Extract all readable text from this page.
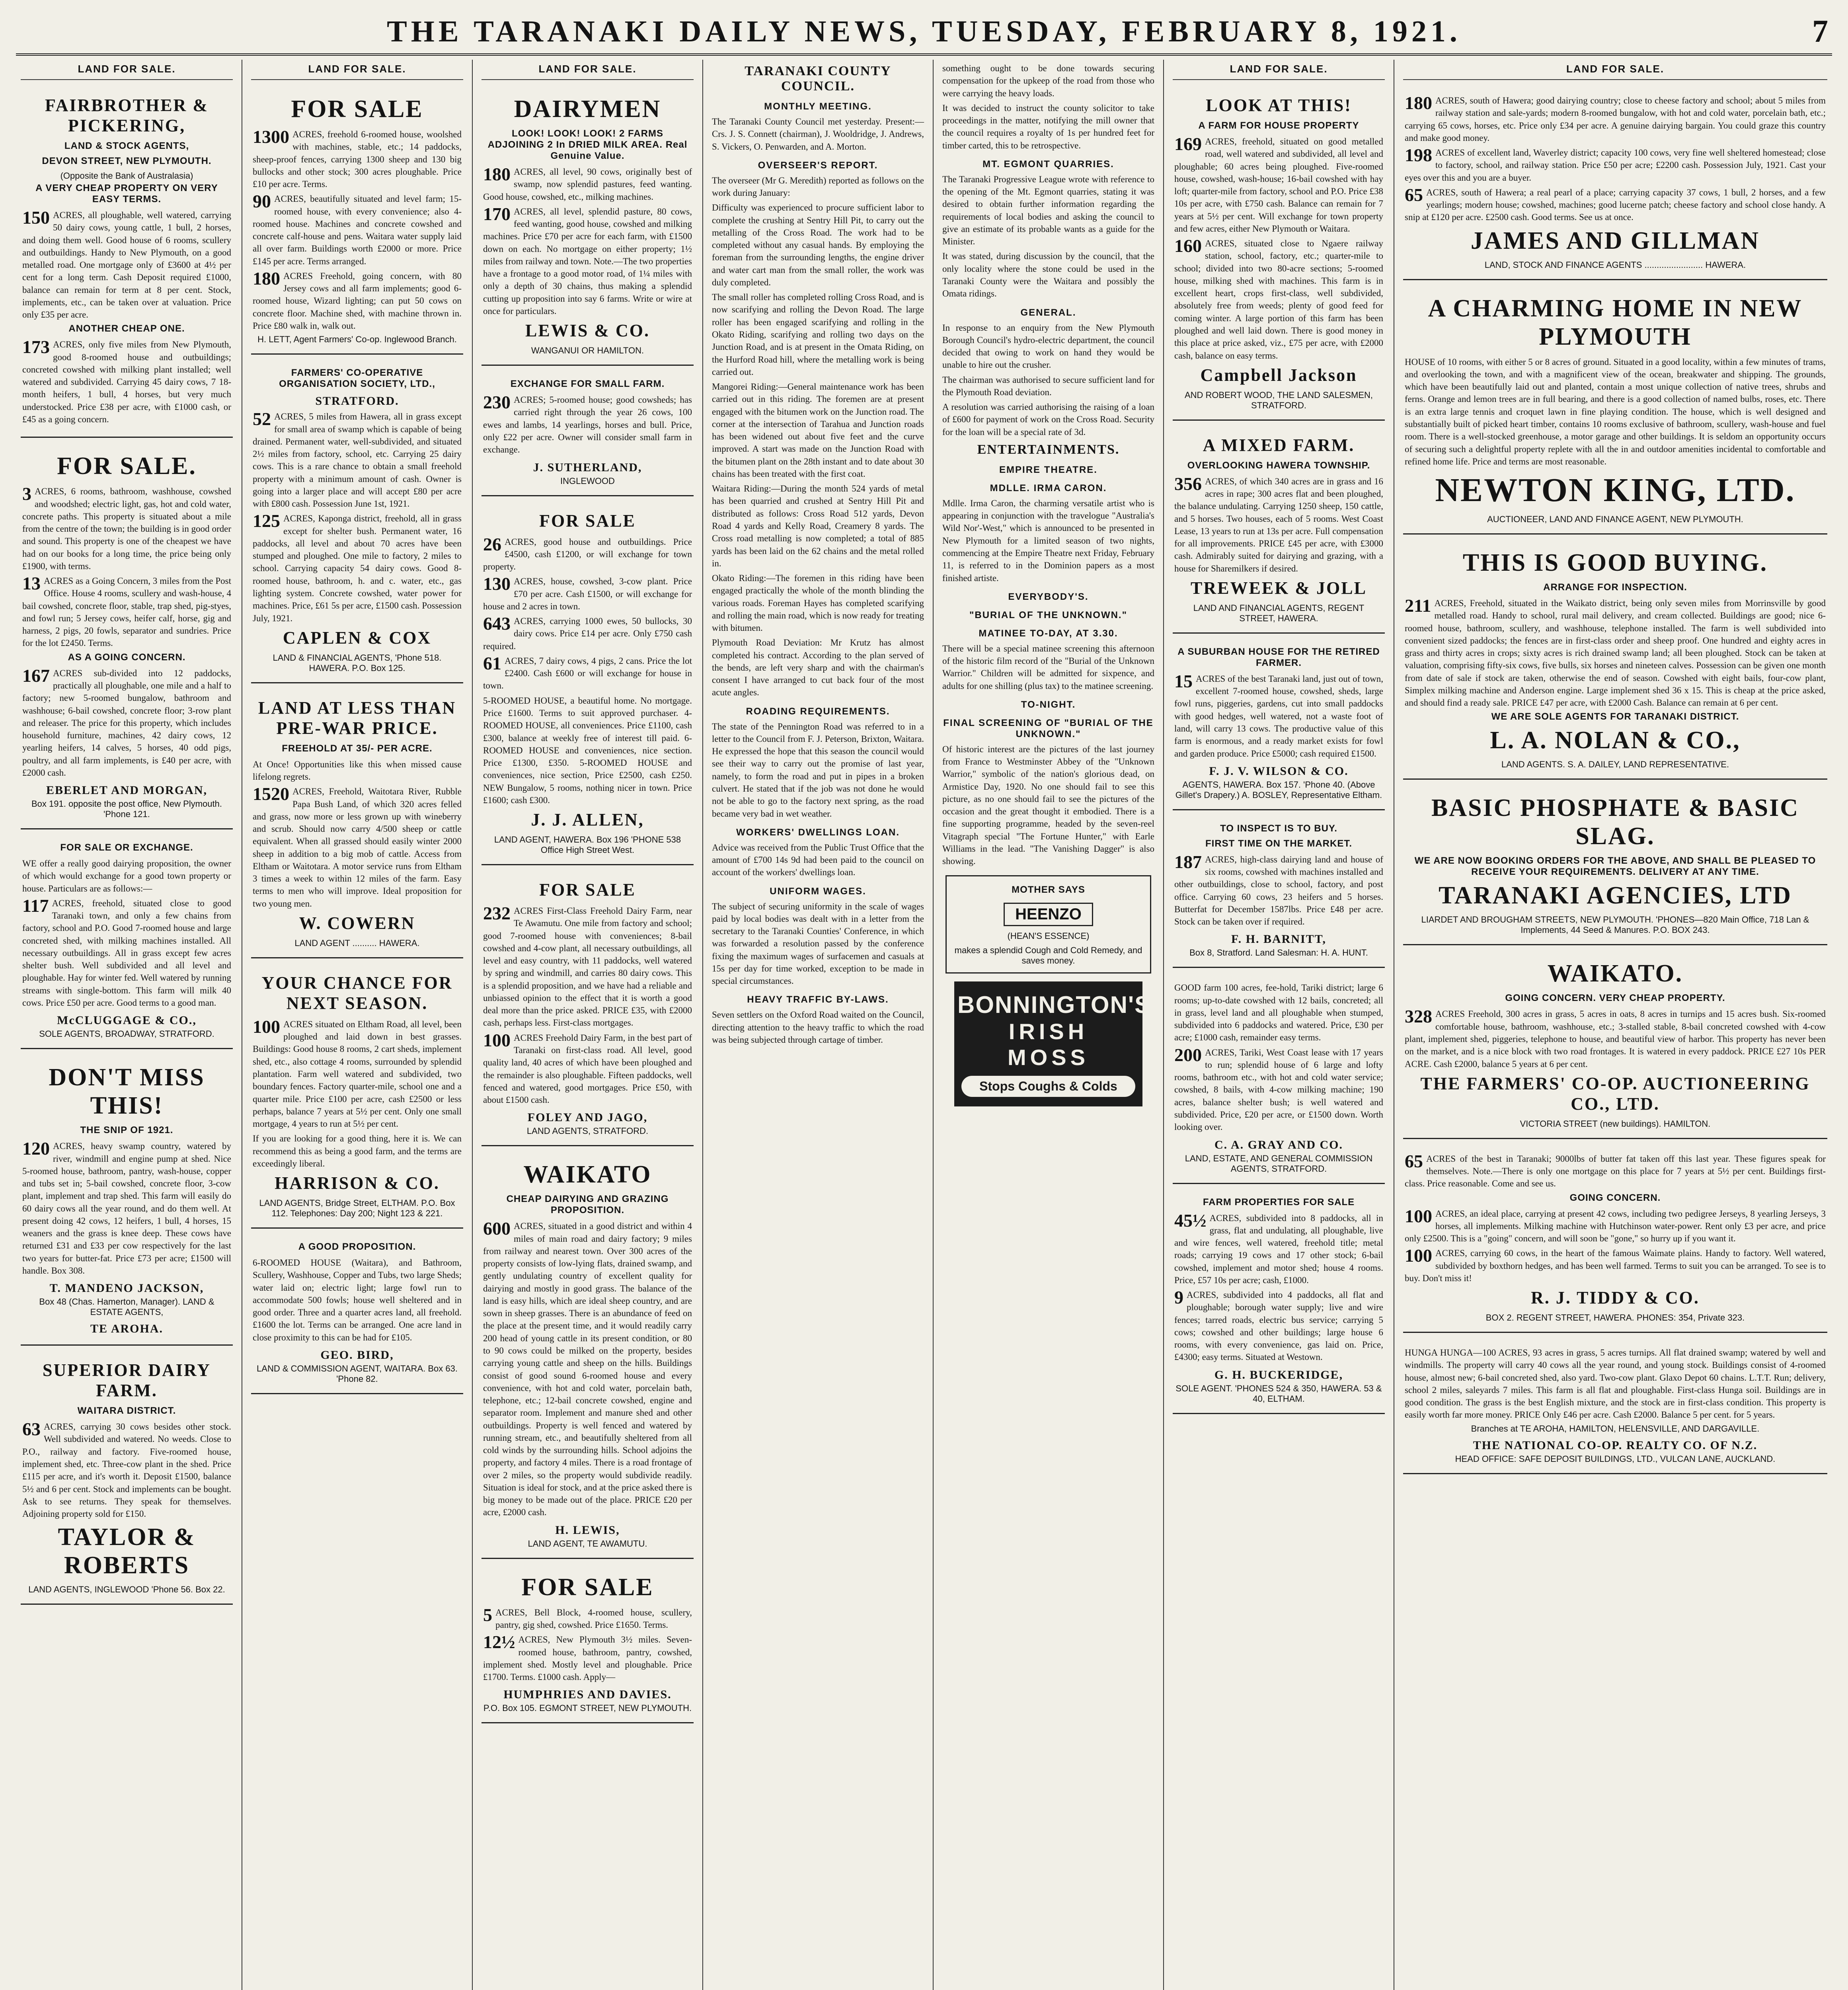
THE TARANAKI DAILY NEWS, TUESDAY, FEBRUARY 8, 1921.	7
LAND FOR SALE.
FAIRBROTHER & PICKERING,
LAND & STOCK AGENTS,
DEVON STREET, NEW PLYMOUTH.
(Opposite the Bank of Australasia)
A VERY CHEAP PROPERTY ON VERY EASY TERMS.
150 ACRES, all ploughable, well watered, carrying 50 dairy cows, young cattle, 1 bull, 2 horses, and doing them well. Good house of 6 rooms, scullery and outbuildings. Handy to New Plymouth, on a good metalled road. One mortgage only of £3600 at 4½ per cent for a long term. Cash Deposit required £1000, balance can remain for term at 8 per cent. Stock, implements, etc., can be taken over at valuation. Price only £35 per acre.
ANOTHER CHEAP ONE.
173 ACRES, only five miles from New Plymouth, good 8-roomed house and outbuildings; concreted cowshed with milking plant installed; well watered and subdivided. Carrying 45 dairy cows, 7 18-month heifers, 1 bull, 4 horses, but very much understocked. Price £38 per acre, with £1000 cash, or £45 as a going concern.
FOR SALE.
3 ACRES, 6 rooms, bathroom, washhouse, cowshed and woodshed; electric light, gas, hot and cold water, concrete paths. This property is situated about a mile from the centre of the town; the building is in good order and sound. This property is one of the cheapest we have had on our books for a long time, the price being only £1900, with terms.
13 ACRES as a Going Concern, 3 miles from the Post Office. House 4 rooms, scullery and wash-house, 4 bail cowshed, concrete floor, stable, trap shed, pig-styes, and fowl run; 5 Jersey cows, heifer calf, horse, gig and harness, 2 pigs, 20 fowls, separator and sundries. Price for the lot £2450. Terms.
AS A GOING CONCERN.
167 ACRES sub-divided into 12 paddocks, practically all ploughable, one mile and a half to factory; new 5-roomed bungalow, bathroom and washhouse; 6-bail cowshed, concrete floor; 3-row plant and releaser. The price for this property, which includes household furniture, machines, 42 dairy cows, 12 yearling heifers, 14 calves, 5 horses, 40 odd pigs, poultry, and all farm implements, is £40 per acre, with £2000 cash.
EBERLET AND MORGAN,
Box 191. opposite the post office, New Plymouth. 'Phone 121.
FOR SALE OR EXCHANGE.
WE offer a really good dairying proposition, the owner of which would exchange for a good town property or house. Particulars are as follows:—
117 ACRES, freehold, situated close to good Taranaki town, and only a few chains from factory, school and P.O. Good 7-roomed house and large concreted shed, with milking machines installed. All necessary outbuildings. All in grass except few acres shelter bush. Well subdivided and all level and ploughable. Hay for winter fed. Well watered by running streams with single-bottom. This farm will milk 40 cows. Price £50 per acre. Good terms to a good man.
McCLUGGAGE & CO.,
SOLE AGENTS, BROADWAY, STRATFORD.
DON'T MISS THIS!
THE SNIP OF 1921.
120 ACRES, heavy swamp country, watered by river, windmill and engine pump at shed. Nice 5-roomed house, bathroom, pantry, wash-house, copper and tubs set in; 5-bail cowshed, concrete floor, 3-cow plant, implement and trap shed. This farm will easily do 60 dairy cows all the year round, and do them well. At present doing 42 cows, 12 heifers, 1 bull, 4 horses, 15 weaners and the grass is knee deep. These cows have returned £31 and £33 per cow respectively for the last two years for butter-fat. Price £73 per acre; £1500 will handle. Box 308.
T. MANDENO JACKSON,
Box 48 (Chas. Hamerton, Manager). LAND & ESTATE AGENTS,
TE AROHA.
SUPERIOR DAIRY FARM.
WAITARA DISTRICT.
63 ACRES, carrying 30 cows besides other stock. Well subdivided and watered. No weeds. Close to P.O., railway and factory. Five-roomed house, implement shed, etc. Three-cow plant in the shed. Price £115 per acre, and it's worth it. Deposit £1500, balance 5½ and 6 per cent. Stock and implements can be bought. Ask to see returns. They speak for themselves. Adjoining property sold for £150.
TAYLOR & ROBERTS
LAND AGENTS, INGLEWOOD 'Phone 56. Box 22.
LAND FOR SALE.
FOR SALE
1300 ACRES, freehold 6-roomed house, woolshed with machines, stable, etc.; 14 paddocks, sheep-proof fences, carrying 1300 sheep and 130 big bullocks and other stock; 300 acres ploughable. Price £10 per acre. Terms.
90 ACRES, beautifully situated and level farm; 15-roomed house, with every convenience; also 4-roomed house. Machines and concrete cowshed and concrete calf-house and pens. Waitara water supply laid all over farm. Buildings worth £2000 or more. Price £145 per acre. Terms arranged.
180 ACRES Freehold, going concern, with 80 Jersey cows and all farm implements; good 6-roomed house, Wizard lighting; can put 50 cows on concrete floor. Machine shed, with machine thrown in. Price £80 walk in, walk out.
H. LETT, Agent Farmers' Co-op. Inglewood Branch.
FARMERS' CO-OPERATIVE ORGANISATION SOCIETY, LTD.,
STRATFORD.
52 ACRES, 5 miles from Hawera, all in grass except for small area of swamp which is capable of being drained. Permanent water, well-subdivided, and situated 2½ miles from factory, school, etc. Carrying 25 dairy cows. This is a rare chance to obtain a small freehold property with a minimum amount of cash. Owner is going into a larger place and will accept £80 per acre with £800 cash. Possession June 1st, 1921.
125 ACRES, Kaponga district, freehold, all in grass except for shelter bush. Permanent water, 16 paddocks, all level and about 70 acres have been stumped and ploughed. One mile to factory, 2 miles to school. Carrying capacity 54 dairy cows. Good 8-roomed house, bathroom, h. and c. water, etc., gas lighting system. Concrete cowshed, water power for machines. Price, £61 5s per acre, £1500 cash. Possession July, 1921.
CAPLEN & COX
LAND & FINANCIAL AGENTS, 'Phone 518. HAWERA. P.O. Box 125.
LAND AT LESS THAN PRE-WAR PRICE.
FREEHOLD AT 35/- PER ACRE.
At Once! Opportunities like this when missed cause lifelong regrets.
1520 ACRES, Freehold, Waitotara River, Rubble Papa Bush Land, of which 320 acres felled and grass, now more or less grown up with wineberry and scrub. Should now carry 4/500 sheep or cattle equivalent. When all grassed should easily winter 2000 sheep in addition to a big mob of cattle. Access from Eltham or Waitotara. A motor service runs from Eltham 3 times a week to within 12 miles of the farm. Easy terms to men who will improve. Ideal proposition for two young men.
W. COWERN
LAND AGENT .......... HAWERA.
YOUR CHANCE FOR NEXT SEASON.
100 ACRES situated on Eltham Road, all level, been ploughed and laid down in best grasses. Buildings: Good house 8 rooms, 2 cart sheds, implement shed, etc., also cottage 4 rooms, surrounded by splendid plantation. Farm well watered and subdivided, two boundary fences. Factory quarter-mile, school one and a quarter mile. Price £100 per acre, cash £2500 or less perhaps, balance 7 years at 5½ per cent. Only one small mortgage, 4 years to run at 5½ per cent.
If you are looking for a good thing, here it is. We can recommend this as being a good farm, and the terms are exceedingly liberal.
HARRISON & CO.
LAND AGENTS, Bridge Street, ELTHAM. P.O. Box 112. Telephones: Day 200; Night 123 & 221.
A GOOD PROPOSITION.
6-ROOMED HOUSE (Waitara), and Bathroom, Scullery, Washhouse, Copper and Tubs, two large Sheds; water laid on; electric light; large fowl run to accommodate 500 fowls; house well sheltered and in good order. Three and a quarter acres land, all freehold. £1600 the lot. Terms can be arranged. One acre land in close proximity to this can be had for £105.
GEO. BIRD,
LAND & COMMISSION AGENT, WAITARA. Box 63. 'Phone 82.
LAND FOR SALE.
DAIRYMEN
LOOK! LOOK! LOOK! 2 FARMS ADJOINING 2 In DRIED MILK AREA. Real Genuine Value.
180 ACRES, all level, 90 cows, originally best of swamp, now splendid pastures, feed wanting. Good house, cowshed, etc., milking machines.
170 ACRES, all level, splendid pasture, 80 cows, feed wanting, good house, cowshed and milking machines. Price £70 per acre for each farm, with £1500 down on each. No mortgage on either property; 1½ miles from railway and town. Note.—The two properties have a frontage to a good motor road, of 1¼ miles with only a depth of 30 chains, thus making a splendid cutting up proposition into say 6 farms. Write or wire at once for particulars.
LEWIS & CO.
WANGANUI OR HAMILTON.
EXCHANGE FOR SMALL FARM.
230 ACRES; 5-roomed house; good cowsheds; has carried right through the year 26 cows, 100 ewes and lambs, 14 yearlings, horses and bull. Price, only £22 per acre. Owner will consider small farm in exchange.
J. SUTHERLAND,
INGLEWOOD
FOR SALE
26 ACRES, good house and outbuildings. Price £4500, cash £1200, or will exchange for town property.
130 ACRES, house, cowshed, 3-cow plant. Price £70 per acre. Cash £1500, or will exchange for house and 2 acres in town.
643 ACRES, carrying 1000 ewes, 50 bullocks, 30 dairy cows. Price £14 per acre. Only £750 cash required.
61 ACRES, 7 dairy cows, 4 pigs, 2 cans. Price the lot £2400. Cash £600 or will exchange for house in town.
5-ROOMED HOUSE, a beautiful home. No mortgage. Price £1600. Terms to suit approved purchaser. 4-ROOMED HOUSE, all conveniences. Price £1100, cash £300, balance at weekly free of interest till paid. 6-ROOMED HOUSE and conveniences, nice section. Price £1300, £350. 5-ROOMED HOUSE and conveniences, nice section, Price £2500, cash £250. NEW Bungalow, 5 rooms, nothing nicer in town. Price £1600; cash £300.
J. J. ALLEN,
LAND AGENT, HAWERA. Box 196 'PHONE 538 Office High Street West.
FOR SALE
232 ACRES First-Class Freehold Dairy Farm, near Te Awamutu. One mile from factory and school; good 7-roomed house with conveniences; 8-bail cowshed and 4-cow plant, all necessary outbuildings, all level and easy country, with 11 paddocks, well watered by spring and windmill, and carries 80 dairy cows. This is a splendid proposition, and we have had a reliable and unbiassed opinion to the effect that it is worth a good deal more than the price asked. PRICE £35, with £2000 cash, perhaps less. First-class mortgages.
100 ACRES Freehold Dairy Farm, in the best part of Taranaki on first-class road. All level, good quality land, 40 acres of which have been ploughed and the remainder is also ploughable. Fifteen paddocks, well fenced and watered, good mortgages. Price £50, with about £1500 cash.
FOLEY AND JAGO,
LAND AGENTS, STRATFORD.
WAIKATO
CHEAP DAIRYING AND GRAZING PROPOSITION.
600 ACRES, situated in a good district and within 4 miles of main road and dairy factory; 9 miles from railway and nearest town. Over 300 acres of the property consists of low-lying flats, drained swamp, and gently undulating country of excellent quality for dairying and mostly in good grass. The balance of the land is easy hills, which are ideal sheep country, and are sown in sheep grasses. There is an abundance of feed on the place at the present time, and it would readily carry 200 head of young cattle in its present condition, or 80 to 90 cows could be milked on the property, besides carrying young cattle and sheep on the hills. Buildings consist of good sound 6-roomed house and every convenience, with hot and cold water, porcelain bath, telephone, etc.; 12-bail concrete cowshed, engine and separator room. Implement and manure shed and other outbuildings. Property is well fenced and watered by running stream, etc., and beautifully sheltered from all cold winds by the surrounding hills. School adjoins the property, and factory 4 miles. There is a road frontage of over 2 miles, so the property would subdivide readily. Situation is ideal for stock, and at the price asked there is big money to be made out of the place. PRICE £20 per acre, £2000 cash.
H. LEWIS,
LAND AGENT, TE AWAMUTU.
FOR SALE
5 ACRES, Bell Block, 4-roomed house, scullery, pantry, gig shed, cowshed. Price £1650. Terms.
12½ ACRES, New Plymouth 3½ miles. Seven-roomed house, bathroom, pantry, cowshed, implement shed. Mostly level and ploughable. Price £1700. Terms. £1000 cash. Apply—
HUMPHRIES AND DAVIES.
P.O. Box 105. EGMONT STREET, NEW PLYMOUTH.
TARANAKI COUNTY COUNCIL.
MONTHLY MEETING.
The Taranaki County Council met yesterday. Present:—Crs. J. S. Connett (chairman), J. Wooldridge, J. Andrews, S. Vickers, O. Penwarden, and A. Morton.
OVERSEER'S REPORT.
The overseer (Mr G. Meredith) reported as follows on the work during January:
Difficulty was experienced to procure sufficient labor to complete the crushing at Sentry Hill Pit, to carry out the metalling of the Cross Road. The work had to be completed without any casual hands. By employing the foreman from the surrounding lengths, the engine driver and water cart man from the small roller, the work was duly completed.
The small roller has completed rolling Cross Road, and is now scarifying and rolling the Devon Road. The large roller has been engaged scarifying and rolling in the Okato Riding, scarifying and rolling two days on the Junction Road, and is at present in the Omata Riding, on the Hurford Road hill, where the metalling work is being carried out.
Mangorei Riding:—General maintenance work has been carried out in this riding. The foremen are at present engaged with the bitumen work on the Junction road. The corner at the intersection of Tarahua and Junction roads has been widened out about five feet and the curve improved. A start was made on the Junction Road with the bitumen plant on the 28th instant and to date about 30 chains has been treated with the first coat.
Waitara Riding:—During the month 524 yards of metal has been quarried and crushed at Sentry Hill Pit and distributed as follows: Cross Road 512 yards, Devon Road 4 yards and Kelly Road, Creamery 8 yards. The Cross road metalling is now completed; a total of 885 yards has been laid on the 62 chains and the metal rolled in.
Okato Riding:—The foremen in this riding have been engaged practically the whole of the month blinding the various roads. Foreman Hayes has completed scarifying and rolling the main road, which is now ready for treating with bitumen.
Plymouth Road Deviation: Mr Krutz has almost completed his contract. According to the plan served of the bends, are left very sharp and with the chairman's consent I have arranged to cut back four of the most acute angles.
ROADING REQUIREMENTS.
The state of the Pennington Road was referred to in a letter to the Council from F. J. Peterson, Brixton, Waitara. He expressed the hope that this season the council would see their way to carry out the promise of last year, namely, to form the road and put in pipes in a broken culvert. He stated that if the job was not done he would not be able to go to the factory next spring, as the road became very bad in wet weather.
WORKERS' DWELLINGS LOAN.
Advice was received from the Public Trust Office that the amount of £700 14s 9d had been paid to the council on account of the workers' dwellings loan.
UNIFORM WAGES.
The subject of securing uniformity in the scale of wages paid by local bodies was dealt with in a letter from the secretary to the Taranaki Counties' Conference, in which was forwarded a resolution passed by the conference fixing the maximum wages of surfacemen and casuals at 15s per day for time worked, exception to be made in special circumstances.
HEAVY TRAFFIC BY-LAWS.
Seven settlers on the Oxford Road waited on the Council, directing attention to the heavy traffic to which the road was being subjected through cartage of timber.
something ought to be done towards securing compensation for the upkeep of the road from those who were carrying the heavy loads.
It was decided to instruct the county solicitor to take proceedings in the matter, notifying the mill owner that the council requires a royalty of 1s per hundred feet for timber carted, this to be retrospective.
MT. EGMONT QUARRIES.
The Taranaki Progressive League wrote with reference to the opening of the Mt. Egmont quarries, stating it was desired to obtain further information regarding the requirements of local bodies and asking the council to give an estimate of its probable wants as a guide for the Minister.
It was stated, during discussion by the council, that the only locality where the stone could be used in the Taranaki County were the Waitara and possibly the Omata ridings.
GENERAL.
In response to an enquiry from the New Plymouth Borough Council's hydro-electric department, the council decided that owing to work on hand they would be unable to hire out the crusher.
The chairman was authorised to secure sufficient land for the Plymouth Road deviation.
A resolution was carried authorising the raising of a loan of £600 for payment of work on the Cross Road. Security for the loan will be a special rate of 3d.
ENTERTAINMENTS.
EMPIRE THEATRE.
MDLLE. IRMA CARON.
Mdlle. Irma Caron, the charming versatile artist who is appearing in conjunction with the travelogue "Australia's Wild Nor'-West," which is announced to be presented in New Plymouth for a limited season of two nights, commencing at the Empire Theatre next Friday, February 11, is referred to in the Dominion papers as a most finished artiste.
EVERYBODY'S.
"BURIAL OF THE UNKNOWN."
MATINEE TO-DAY, AT 3.30.
There will be a special matinee screening this afternoon of the historic film record of the "Burial of the Unknown Warrior." Children will be admitted for sixpence, and adults for one shilling (plus tax) to the matinee screening.
TO-NIGHT.
FINAL SCREENING OF "BURIAL OF THE UNKNOWN."
Of historic interest are the pictures of the last journey from France to Westminster Abbey of the "Unknown Warrior," symbolic of the nation's glorious dead, on Armistice Day, 1920. No one should fail to see this picture, as no one should fail to see the pictures of the occasion and the great thought it embodied. There is a fine supporting programme, headed by the seven-reel Vitagraph special "The Fortune Hunter," with Earle Williams in the lead. "The Vanishing Dagger" is also showing.
MOTHER SAYS
HEENZO
(HEAN'S ESSENCE)
makes a splendid Cough and Cold Remedy, and saves money.
BONNINGTON'S
IRISH
MOSS
Stops Coughs & Colds
LAND FOR SALE.
LOOK AT THIS!
A FARM FOR HOUSE PROPERTY
169 ACRES, freehold, situated on good metalled road, well watered and subdivided, all level and ploughable; 60 acres being ploughed. Five-roomed house, cowshed, wash-house; 16-bail cowshed with hay loft; quarter-mile from factory, school and P.O. Price £38 10s per acre, with £750 cash. Balance can remain for 7 years at 5½ per cent. Will exchange for town property and few acres, either New Plymouth or Waitara.
160 ACRES, situated close to Ngaere railway station, school, factory, etc.; quarter-mile to school; divided into two 80-acre sections; 5-roomed house, milking shed with machines. This farm is in excellent heart, crops first-class, well subdivided, absolutely free from weeds; plenty of good feed for coming winter. A large portion of this farm has been ploughed and well laid down. There is good money in this place at price asked, viz., £75 per acre, with £2000 cash, balance on easy terms.
Campbell Jackson
AND ROBERT WOOD, THE LAND SALESMEN, STRATFORD.
A MIXED FARM.
OVERLOOKING HAWERA TOWNSHIP.
356 ACRES, of which 340 acres are in grass and 16 acres in rape; 300 acres flat and been ploughed, the balance undulating. Carrying 1250 sheep, 150 cattle, and 5 horses. Two houses, each of 5 rooms. West Coast Lease, 13 years to run at 13s per acre. Full compensation for all improvements. PRICE £45 per acre, with £3000 cash. Admirably suited for dairying and grazing, with a house for Sharemilkers if desired.
TREWEEK & JOLL
LAND AND FINANCIAL AGENTS, REGENT STREET, HAWERA.
A SUBURBAN HOUSE FOR THE RETIRED FARMER.
15 ACRES of the best Taranaki land, just out of town, excellent 7-roomed house, cowshed, sheds, large fowl runs, piggeries, gardens, cut into small paddocks with good hedges, well watered, not a waste foot of land, will carry 13 cows. The productive value of this farm is enormous, and a ready market exists for fowl and garden produce. Price £5000; cash required £1500.
F. J. V. WILSON & CO.
AGENTS, HAWERA. Box 157. 'Phone 40. (Above Gillet's Drapery.) A. BOSLEY, Representative Eltham.
TO INSPECT IS TO BUY.
FIRST TIME ON THE MARKET.
187 ACRES, high-class dairying land and house of six rooms, cowshed with machines installed and other outbuildings, close to school, factory, and post office. Carrying 60 cows, 23 heifers and 5 horses. Butterfat for December 1587lbs. Price £48 per acre. Stock can be taken over if required.
F. H. BARNITT,
Box 8, Stratford. Land Salesman: H. A. HUNT.
GOOD farm 100 acres, fee-hold, Tariki district; large 6 rooms; up-to-date cowshed with 12 bails, concreted; all in grass, level land and all ploughable when stumped, subdivided into 6 paddocks and watered. Price, £30 per acre; £1000 cash, remainder easy terms.
200 ACRES, Tariki, West Coast lease with 17 years to run; splendid house of 6 large and lofty rooms, bathroom etc., with hot and cold water service; cowshed, 8 bails, with 4-cow milking machine; 190 acres, balance shelter bush; is well watered and subdivided. Price, £20 per acre, or £1500 down. Worth looking over.
C. A. GRAY AND CO.
LAND, ESTATE, AND GENERAL COMMISSION AGENTS, STRATFORD.
FARM PROPERTIES FOR SALE
45½ ACRES, subdivided into 8 paddocks, all in grass, flat and undulating, all ploughable, live and wire fences, well watered, freehold title; metal roads; carrying 19 cows and 17 other stock; 6-bail cowshed, implement and motor shed; house 4 rooms. Price, £57 10s per acre; cash, £1000.
9 ACRES, subdivided into 4 paddocks, all flat and ploughable; borough water supply; live and wire fences; tarred roads, electric bus service; carrying 5 cows; cowshed and other buildings; large house 6 rooms, with every convenience, gas laid on. Price, £4300; easy terms. Situated at Westown.
G. H. BUCKERIDGE,
SOLE AGENT. 'PHONES 524 & 350, HAWERA. 53 & 40, ELTHAM.
LAND FOR SALE.
180 ACRES, south of Hawera; good dairying country; close to cheese factory and school; about 5 miles from railway station and sale-yards; modern 8-roomed bungalow, with hot and cold water, porcelain bath, etc.; carrying 65 cows, horses, etc. Price only £34 per acre. A genuine dairying bargain. You could graze this country and make good money.
198 ACRES of excellent land, Waverley district; capacity 100 cows, very fine well sheltered homestead; close to factory, school, and railway station. Price £50 per acre; £2200 cash. Possession July, 1921. Cast your eyes over this and you are a buyer.
65 ACRES, south of Hawera; a real pearl of a place; carrying capacity 37 cows, 1 bull, 2 horses, and a few yearlings; modern house; cowshed, machines; good lucerne patch; cheese factory and school close handy. A snip at £120 per acre. £2500 cash. Good terms. See us at once.
JAMES AND GILLMAN
LAND, STOCK AND FINANCE AGENTS ........................ HAWERA.
A CHARMING HOME IN NEW PLYMOUTH
HOUSE of 10 rooms, with either 5 or 8 acres of ground. Situated in a good locality, within a few minutes of trams, and overlooking the town, and with a magnificent view of the ocean, breakwater and shipping. The grounds, which have been beautifully laid out and planted, contain a most unique collection of native trees, shrubs and ferns. Orange and lemon trees are in full bearing, and there is a good collection of named bulbs, roses, etc. There is an extra large tennis and croquet lawn in fine playing condition. The house, which is well designed and substantially built of picked heart timber, contains 10 rooms exclusive of bathroom, scullery, wash-house and fuel room. There is a well-stocked greenhouse, a motor garage and other buildings. It is seldom an opportunity occurs of securing such a delightful property replete with all the in and outdoor amenities incidental to comfortable and refined home life. Price and terms are most reasonable.
NEWTON KING, LTD.
AUCTIONEER, LAND AND FINANCE AGENT, NEW PLYMOUTH.
THIS IS GOOD BUYING.
ARRANGE FOR INSPECTION.
211 ACRES, Freehold, situated in the Waikato district, being only seven miles from Morrinsville by good metalled road. Handy to school, rural mail delivery, and cream collected. Buildings are good; nice 6-roomed house, bathroom, scullery, and washhouse, telephone installed. The farm is well subdivided into convenient sized paddocks; the fences are in first-class order and sheep proof. One hundred and eighty acres in grass and thirty acres in crops; sixty acres is rich drained swamp land; all been ploughed. Stock can be taken at valuation, comprising fifty-six cows, five bulls, six horses and nineteen calves. Possession can be given one month from date of sale if stock are taken, otherwise the end of season. Cowshed with eight bails, four-cow plant, Simplex milking machine and Anderson engine. Large implement shed 36 x 15. This is cheap at the price asked, and should find a ready sale. PRICE £47 per acre, with £2000 Cash. Balance can remain at 6 per cent.
WE ARE SOLE AGENTS FOR TARANAKI DISTRICT.
L. A. NOLAN & CO.,
LAND AGENTS. S. A. DAILEY, LAND REPRESENTATIVE.
BASIC PHOSPHATE & BASIC SLAG.
WE ARE NOW BOOKING ORDERS FOR THE ABOVE, AND SHALL BE PLEASED TO RECEIVE YOUR REQUIREMENTS. DELIVERY AT ANY TIME.
TARANAKI AGENCIES, LTD
LIARDET AND BROUGHAM STREETS, NEW PLYMOUTH. 'PHONES—820 Main Office, 718 Lan & Implements, 44 Seed & Manures. P.O. BOX 243.
WAIKATO.
GOING CONCERN. VERY CHEAP PROPERTY.
328 ACRES Freehold, 300 acres in grass, 5 acres in oats, 8 acres in turnips and 15 acres bush. Six-roomed comfortable house, bathroom, washhouse, etc.; 3-stalled stable, 8-bail concreted cowshed with 4-cow plant, implement shed, piggeries, telephone to house, and beautiful view of harbor. This property has never been on the market, and is a nice block with two road frontages. It is watered in every paddock. PRICE £27 10s PER ACRE. Cash £2000, balance 5 years at 6 per cent.
THE FARMERS' CO-OP. AUCTIONEERING CO., LTD.
VICTORIA STREET (new buildings). HAMILTON.
65 ACRES of the best in Taranaki; 9000lbs of butter fat taken off this last year. These figures speak for themselves. Note.—There is only one mortgage on this place for 7 years at 5½ per cent. Buildings first-class. Price reasonable. Come and see us.
GOING CONCERN.
100 ACRES, an ideal place, carrying at present 42 cows, including two pedigree Jerseys, 8 yearling Jerseys, 3 horses, all implements. Milking machine with Hutchinson water-power. Rent only £3 per acre, and price only £2500. This is a "going" concern, and will soon be "gone," so hurry up if you want it.
100 ACRES, carrying 60 cows, in the heart of the famous Waimate plains. Handy to factory. Well watered, subdivided by boxthorn hedges, and has been well farmed. Terms to suit you can be arranged. To see is to buy. Don't miss it!
R. J. TIDDY & CO.
BOX 2. REGENT STREET, HAWERA. PHONES: 354, Private 323.
HUNGA HUNGA—100 ACRES, 93 acres in grass, 5 acres turnips. All flat drained swamp; watered by well and windmills. The property will carry 40 cows all the year round, and young stock. Buildings consist of 4-roomed house, almost new; 6-bail concreted shed, also yard. Two-cow plant. Glaxo Depot 60 chains. L.T.T. Run; delivery, school 2 miles, saleyards 7 miles. This farm is all flat and ploughable. First-class Hunga soil. Buildings are in good condition. The grass is the best English mixture, and the stock are in first-class condition. This property is easily worth far more money. PRICE Only £46 per acre. Cash £2000. Balance 5 per cent. for 5 years.
Branches at TE AROHA, HAMILTON, HELENSVILLE, AND DARGAVILLE.
THE NATIONAL CO-OP. REALTY CO. OF N.Z.
HEAD OFFICE: SAFE DEPOSIT BUILDINGS, LTD., VULCAN LANE, AUCKLAND.
